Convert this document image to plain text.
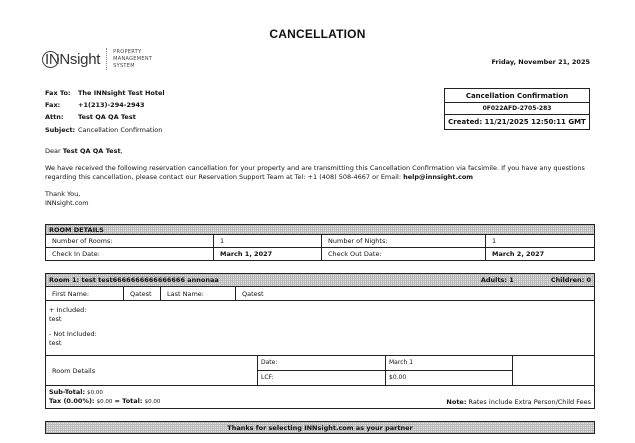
CANCELLATION
INNsight	PROPERTY
MANAGEMENT
SYSTEM	Friday, November 21, 2025
Fax To:	The INNsight Test Hotel
Fax:	+1(213)-294-2943
Attn:	Test QA QA Test
Subject: Cancellation Confirmation
Cancellation Confirmation
0F022AFD-2705-283
Created: 11/21/2025 12:50:11 GMT

Dear Test QA QA Test,

We have received the following reservation cancellation for your property and are transmitting this Cancellation Confirmation via facsimile. If you have any questions regarding this cancellation, please contact our Reservation Support Team at Tel: +1 (408) 508-4667 or Email: help@innsight.com

Thank You,
INNsight.com

ROOM DETAILS			
Number of Rooms:	1	Number of Nights:	1
Check In Date:	March 1, 2027	Check Out Date:	March 2, 2027
Room 1: test test6666666666666666 annonaa	Adults: 1	Children: 0
First Name:	Qatest	Last Name:	Qatest

+ Included:
test

- Not Included:
test

Room Details
Date:	March 1
LCF:	$0.00
Sub-Total: $0.00
Tax (0.00%): $0.00 = Total: $0.00	Note: Rates include Extra Person/Child Fees
Thanks for selecting INNsight.com as your partner
